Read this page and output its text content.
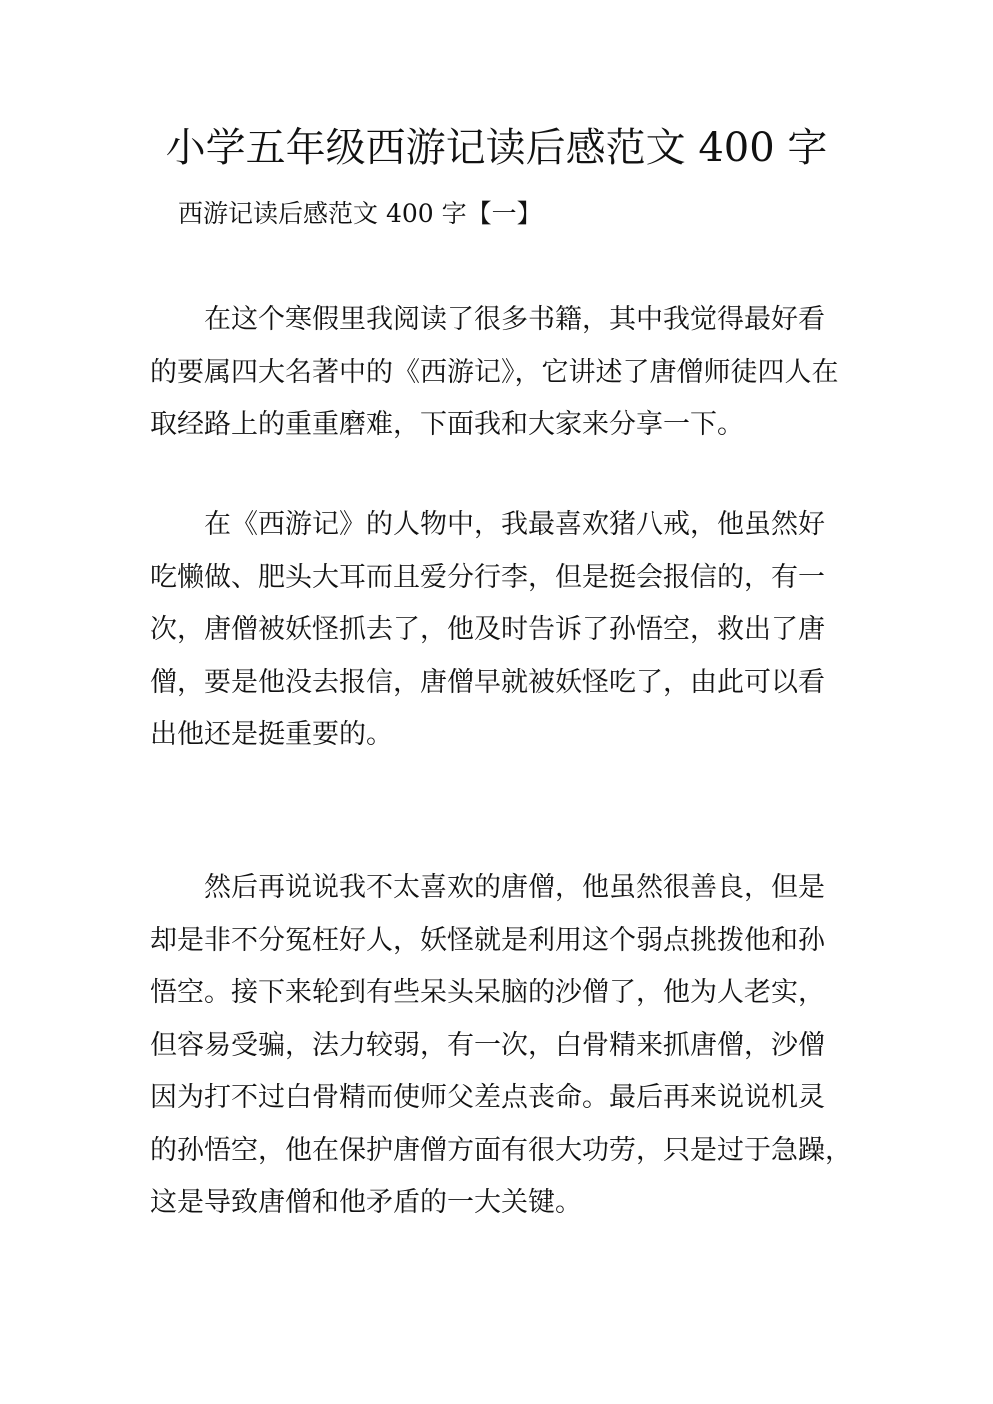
小学五年级西游记读后感范文 400 字
西游记读后感范文 400 字【一】
在这个寒假里我阅读了很多书籍，其中我觉得最好看
的要属四大名著中的《西游记》，它讲述了唐僧师徒四人在
取经路上的重重磨难，下面我和大家来分享一下。
在《西游记》的人物中，我最喜欢猪八戒，他虽然好
吃懒做、肥头大耳而且爱分行李，但是挺会报信的，有一
次，唐僧被妖怪抓去了，他及时告诉了孙悟空，救出了唐
僧，要是他没去报信，唐僧早就被妖怪吃了，由此可以看
出他还是挺重要的。
然后再说说我不太喜欢的唐僧，他虽然很善良，但是
却是非不分冤枉好人，妖怪就是利用这个弱点挑拨他和孙
悟空。接下来轮到有些呆头呆脑的沙僧了，他为人老实，
但容易受骗，法力较弱，有一次，白骨精来抓唐僧，沙僧
因为打不过白骨精而使师父差点丧命。最后再来说说机灵
的孙悟空，他在保护唐僧方面有很大功劳，只是过于急躁，
这是导致唐僧和他矛盾的一大关键。
